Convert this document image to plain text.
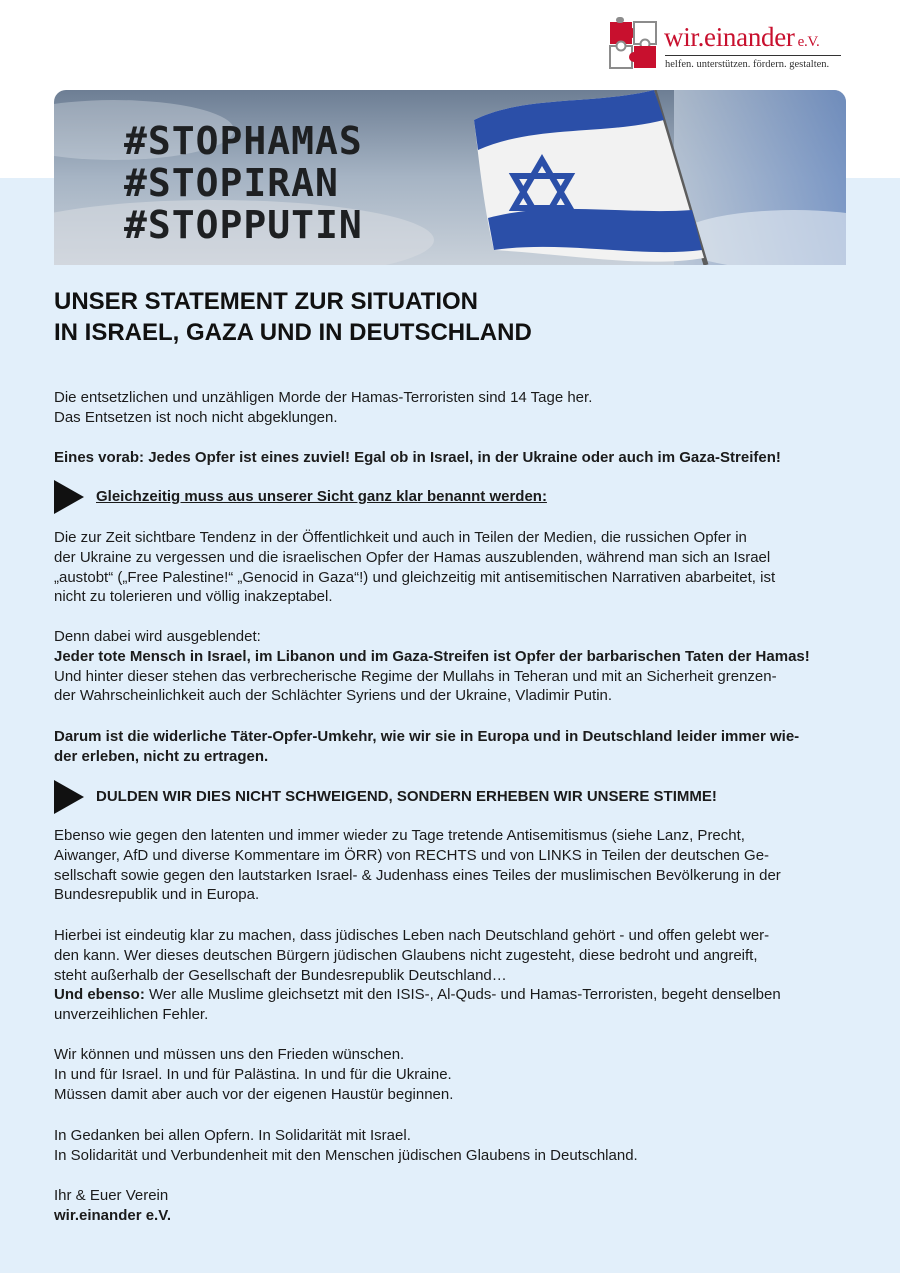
wir.einander e.V.
helfen. unterstützen. fördern. gestalten.
#STOPHAMAS
#STOPIRAN
#STOPPUTIN
UNSER STATEMENT ZUR SITUATION
IN ISRAEL, GAZA UND IN DEUTSCHLAND
Die entsetzlichen und unzähligen Morde der Hamas-Terroristen sind 14 Tage her.
Das Entsetzen ist noch nicht abgeklungen.
Eines vorab: Jedes Opfer ist eines zuviel! Egal ob in Israel, in der Ukraine oder auch im Gaza-Streifen!
Gleichzeitig muss aus unserer Sicht ganz klar benannt werden:
Die zur Zeit sichtbare Tendenz in der Öffentlichkeit und auch in Teilen der Medien, die russichen Opfer in
der Ukraine zu vergessen und die israelischen Opfer der Hamas auszublenden, während man sich an Israel
„austobt“ („Free Palestine!“ „Genocid in Gaza“!) und gleichzeitig mit antisemitischen Narrativen abarbeitet, ist
nicht zu tolerieren und völlig inakzeptabel.
Denn dabei wird ausgeblendet:
Jeder tote Mensch in Israel, im Libanon und im Gaza-Streifen ist Opfer der barbarischen Taten der Hamas!
Und hinter dieser stehen das verbrecherische Regime der Mullahs in Teheran und mit an Sicherheit grenzen-
der Wahrscheinlichkeit auch der Schlächter Syriens und der Ukraine, Vladimir Putin.
Darum ist die widerliche Täter-Opfer-Umkehr, wie wir sie in Europa und in Deutschland leider immer wie-
der erleben, nicht zu ertragen.
DULDEN WIR DIES NICHT SCHWEIGEND, SONDERN ERHEBEN WIR UNSERE STIMME!
Ebenso wie gegen den latenten und immer wieder zu Tage tretende Antisemitismus (siehe Lanz, Precht,
Aiwanger, AfD und diverse Kommentare im ÖRR) von RECHTS und von LINKS in Teilen der deutschen Ge-
sellschaft sowie gegen den lautstarken Israel- & Judenhass eines Teiles der muslimischen Bevölkerung in der
Bundesrepublik und in Europa.
Hierbei ist eindeutig klar zu machen, dass jüdisches Leben nach Deutschland gehört - und offen gelebt wer-
den kann. Wer dieses deutschen Bürgern jüdischen Glaubens nicht zugesteht, diese bedroht und angreift,
steht außerhalb der Gesellschaft der Bundesrepublik Deutschland…
Und ebenso: Wer alle Muslime gleichsetzt mit den ISIS-, Al-Quds- und Hamas-Terroristen, begeht denselben
unverzeihlichen Fehler.
Wir können und müssen uns den Frieden wünschen.
In und für Israel. In und für Palästina. In und für die Ukraine.
Müssen damit aber auch vor der eigenen Haustür beginnen.
In Gedanken bei allen Opfern. In Solidarität mit Israel.
In Solidarität und Verbundenheit mit den Menschen jüdischen Glaubens in Deutschland.
Ihr & Euer Verein
wir.einander e.V.
